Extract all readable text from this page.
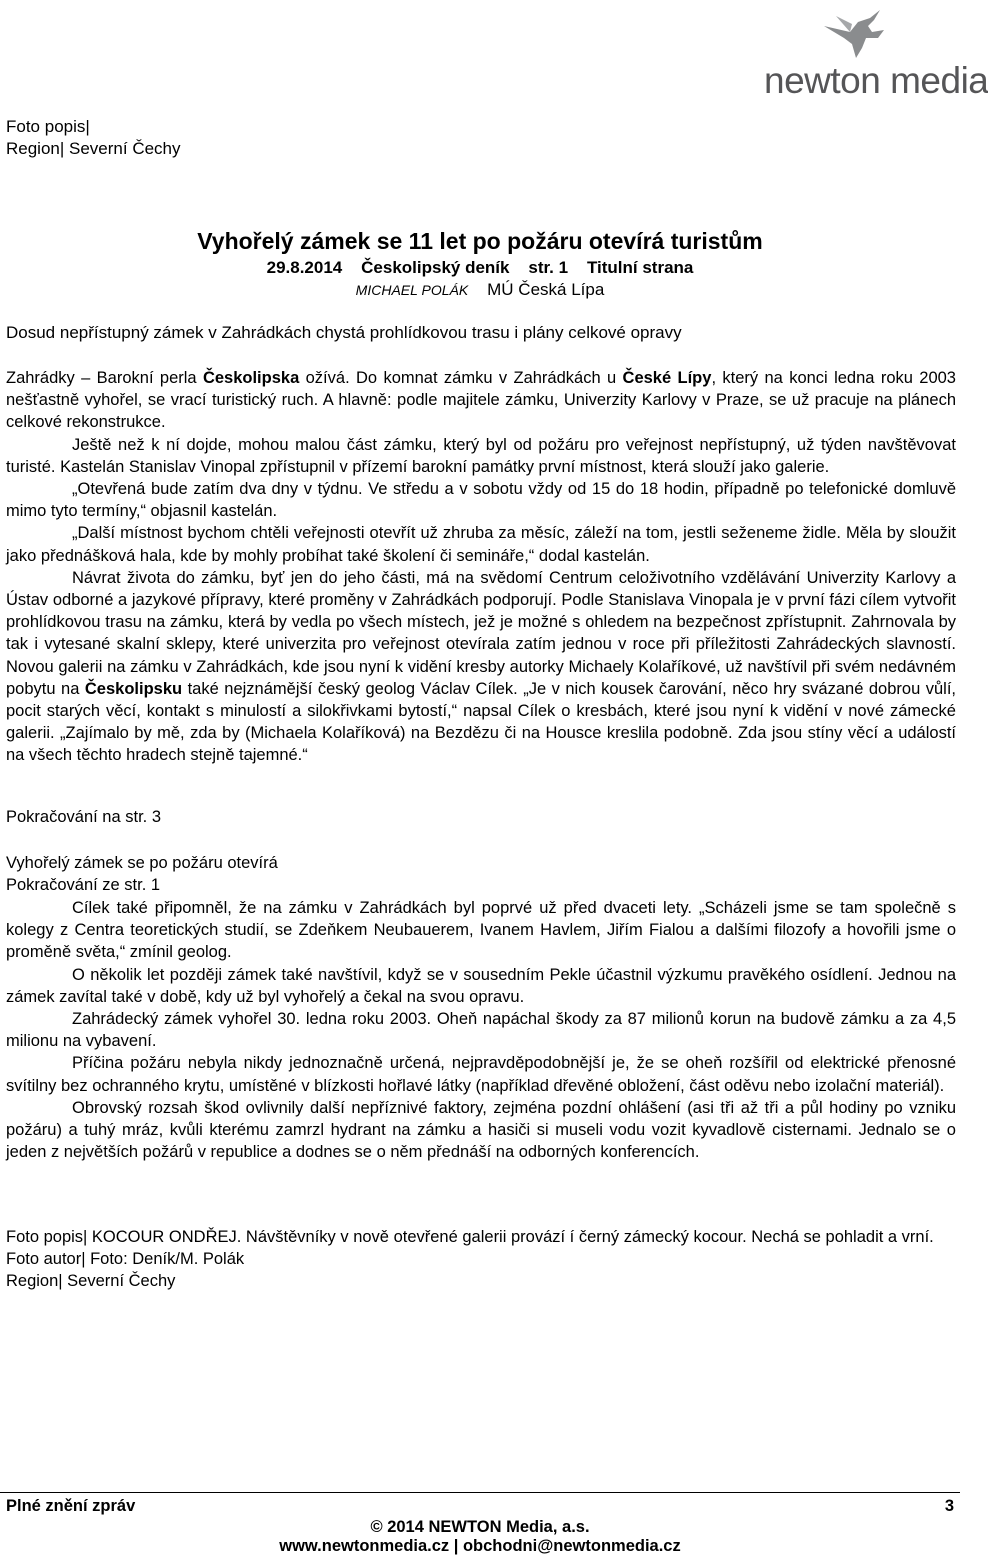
newton media
Foto popis|
Region| Severní Čechy
Vyhořelý zámek se 11 let po požáru otevírá turistům
29.8.2014    Českolipský deník    str. 1    Titulní strana
MICHAEL POLÁK MÚ Česká Lípa
Dosud nepřístupný zámek v Zahrádkách chystá prohlídkovou trasu i plány celkové opravy

Zahrádky – Barokní perla Českolipska ožívá. Do komnat zámku v Zahrádkách u České Lípy, který na konci ledna roku 2003 nešťastně vyhořel, se vrací turistický ruch. A hlavně: podle majitele zámku, Univerzity Karlovy v Praze, se už pracuje na plánech celkové rekonstrukce.

Ještě než k ní dojde, mohou malou část zámku, který byl od požáru pro veřejnost nepřístupný, už týden navštěvovat turisté. Kastelán Stanislav Vinopal zpřístupnil v přízemí barokní památky první místnost, která slouží jako galerie.

„Otevřená bude zatím dva dny v týdnu. Ve středu a v sobotu vždy od 15 do 18 hodin, případně po telefonické domluvě mimo tyto termíny,“ objasnil kastelán.

„Další místnost bychom chtěli veřejnosti otevřít už zhruba za měsíc, záleží na tom, jestli seženeme židle. Měla by sloužit jako přednášková hala, kde by mohly probíhat také školení či semináře,“ dodal kastelán.

Návrat života do zámku, byť jen do jeho části, má na svědomí Centrum celoživotního vzdělávání Univerzity Karlovy a Ústav odborné a jazykové přípravy, které proměny v Zahrádkách podporují. Podle Stanislava Vinopala je v první fázi cílem vytvořit prohlídkovou trasu na zámku, která by vedla po všech místech, jež je možné s ohledem na bezpečnost zpřístupnit. Zahrnovala by tak i vytesané skalní sklepy, které univerzita pro veřejnost otevírala zatím jednou v roce při příležitosti Zahrádeckých slavností. Novou galerii na zámku v Zahrádkách, kde jsou nyní k vidění kresby autorky Michaely Kolaříkové, už navštívil při svém nedávném pobytu na Českolipsku také nejznámější český geolog Václav Cílek. „Je v nich kousek čarování, něco hry svázané dobrou vůlí, pocit starých věcí, kontakt s minulostí a silokřivkami bytostí,“ napsal Cílek o kresbách, které jsou nyní k vidění v nové zámecké galerii. „Zajímalo by mě, zda by (Michaela Kolaříková) na Bezdězu či na Housce kreslila podobně. Zda jsou stíny věcí a událostí na všech těchto hradech stejně tajemné.“

Pokračování na str. 3
Vyhořelý zámek se po požáru otevírá
Pokračování ze str. 1

Cílek také připomněl, že na zámku v Zahrádkách byl poprvé už před dvaceti lety. „Scházeli jsme se tam společně s kolegy z Centra teoretických studií, se Zdeňkem Neubauerem, Ivanem Havlem, Jiřím Fialou a dalšími filozofy a hovořili jsme o proměně světa,“ zmínil geolog.

O několik let později zámek také navštívil, když se v sousedním Pekle účastnil výzkumu pravěkého osídlení. Jednou na zámek zavítal také v době, kdy už byl vyhořelý a čekal na svou opravu.

Zahrádecký zámek vyhořel 30. ledna roku 2003. Oheň napáchal škody za 87 milionů korun na budově zámku a za 4,5 milionu na vybavení.

Příčina požáru nebyla nikdy jednoznačně určená, nejpravděpodobnější je, že se oheň rozšířil od elektrické přenosné svítilny bez ochranného krytu, umístěné v blízkosti hořlavé látky (například dřevěné obložení, část oděvu nebo izolační materiál).

Obrovský rozsah škod ovlivnily další nepříznivé faktory, zejména pozdní ohlášení (asi tři až tři a půl hodiny po vzniku požáru) a tuhý mráz, kvůli kterému zamrzl hydrant na zámku a hasiči si museli vodu vozit kyvadlově cisternami. Jednalo se o jeden z největších požárů v republice a dodnes se o něm přednáší na odborných konferencích.

Foto popis| KOCOUR ONDŘEJ. Návštěvníky v nově otevřené galerii provází í černý zámecký kocour. Nechá se pohladit a vrní.
Foto autor| Foto: Deník/M. Polák
Region| Severní Čechy
Plné znění zpráv	3
© 2014 NEWTON Media, a.s.
www.newtonmedia.cz | obchodni@newtonmedia.cz
